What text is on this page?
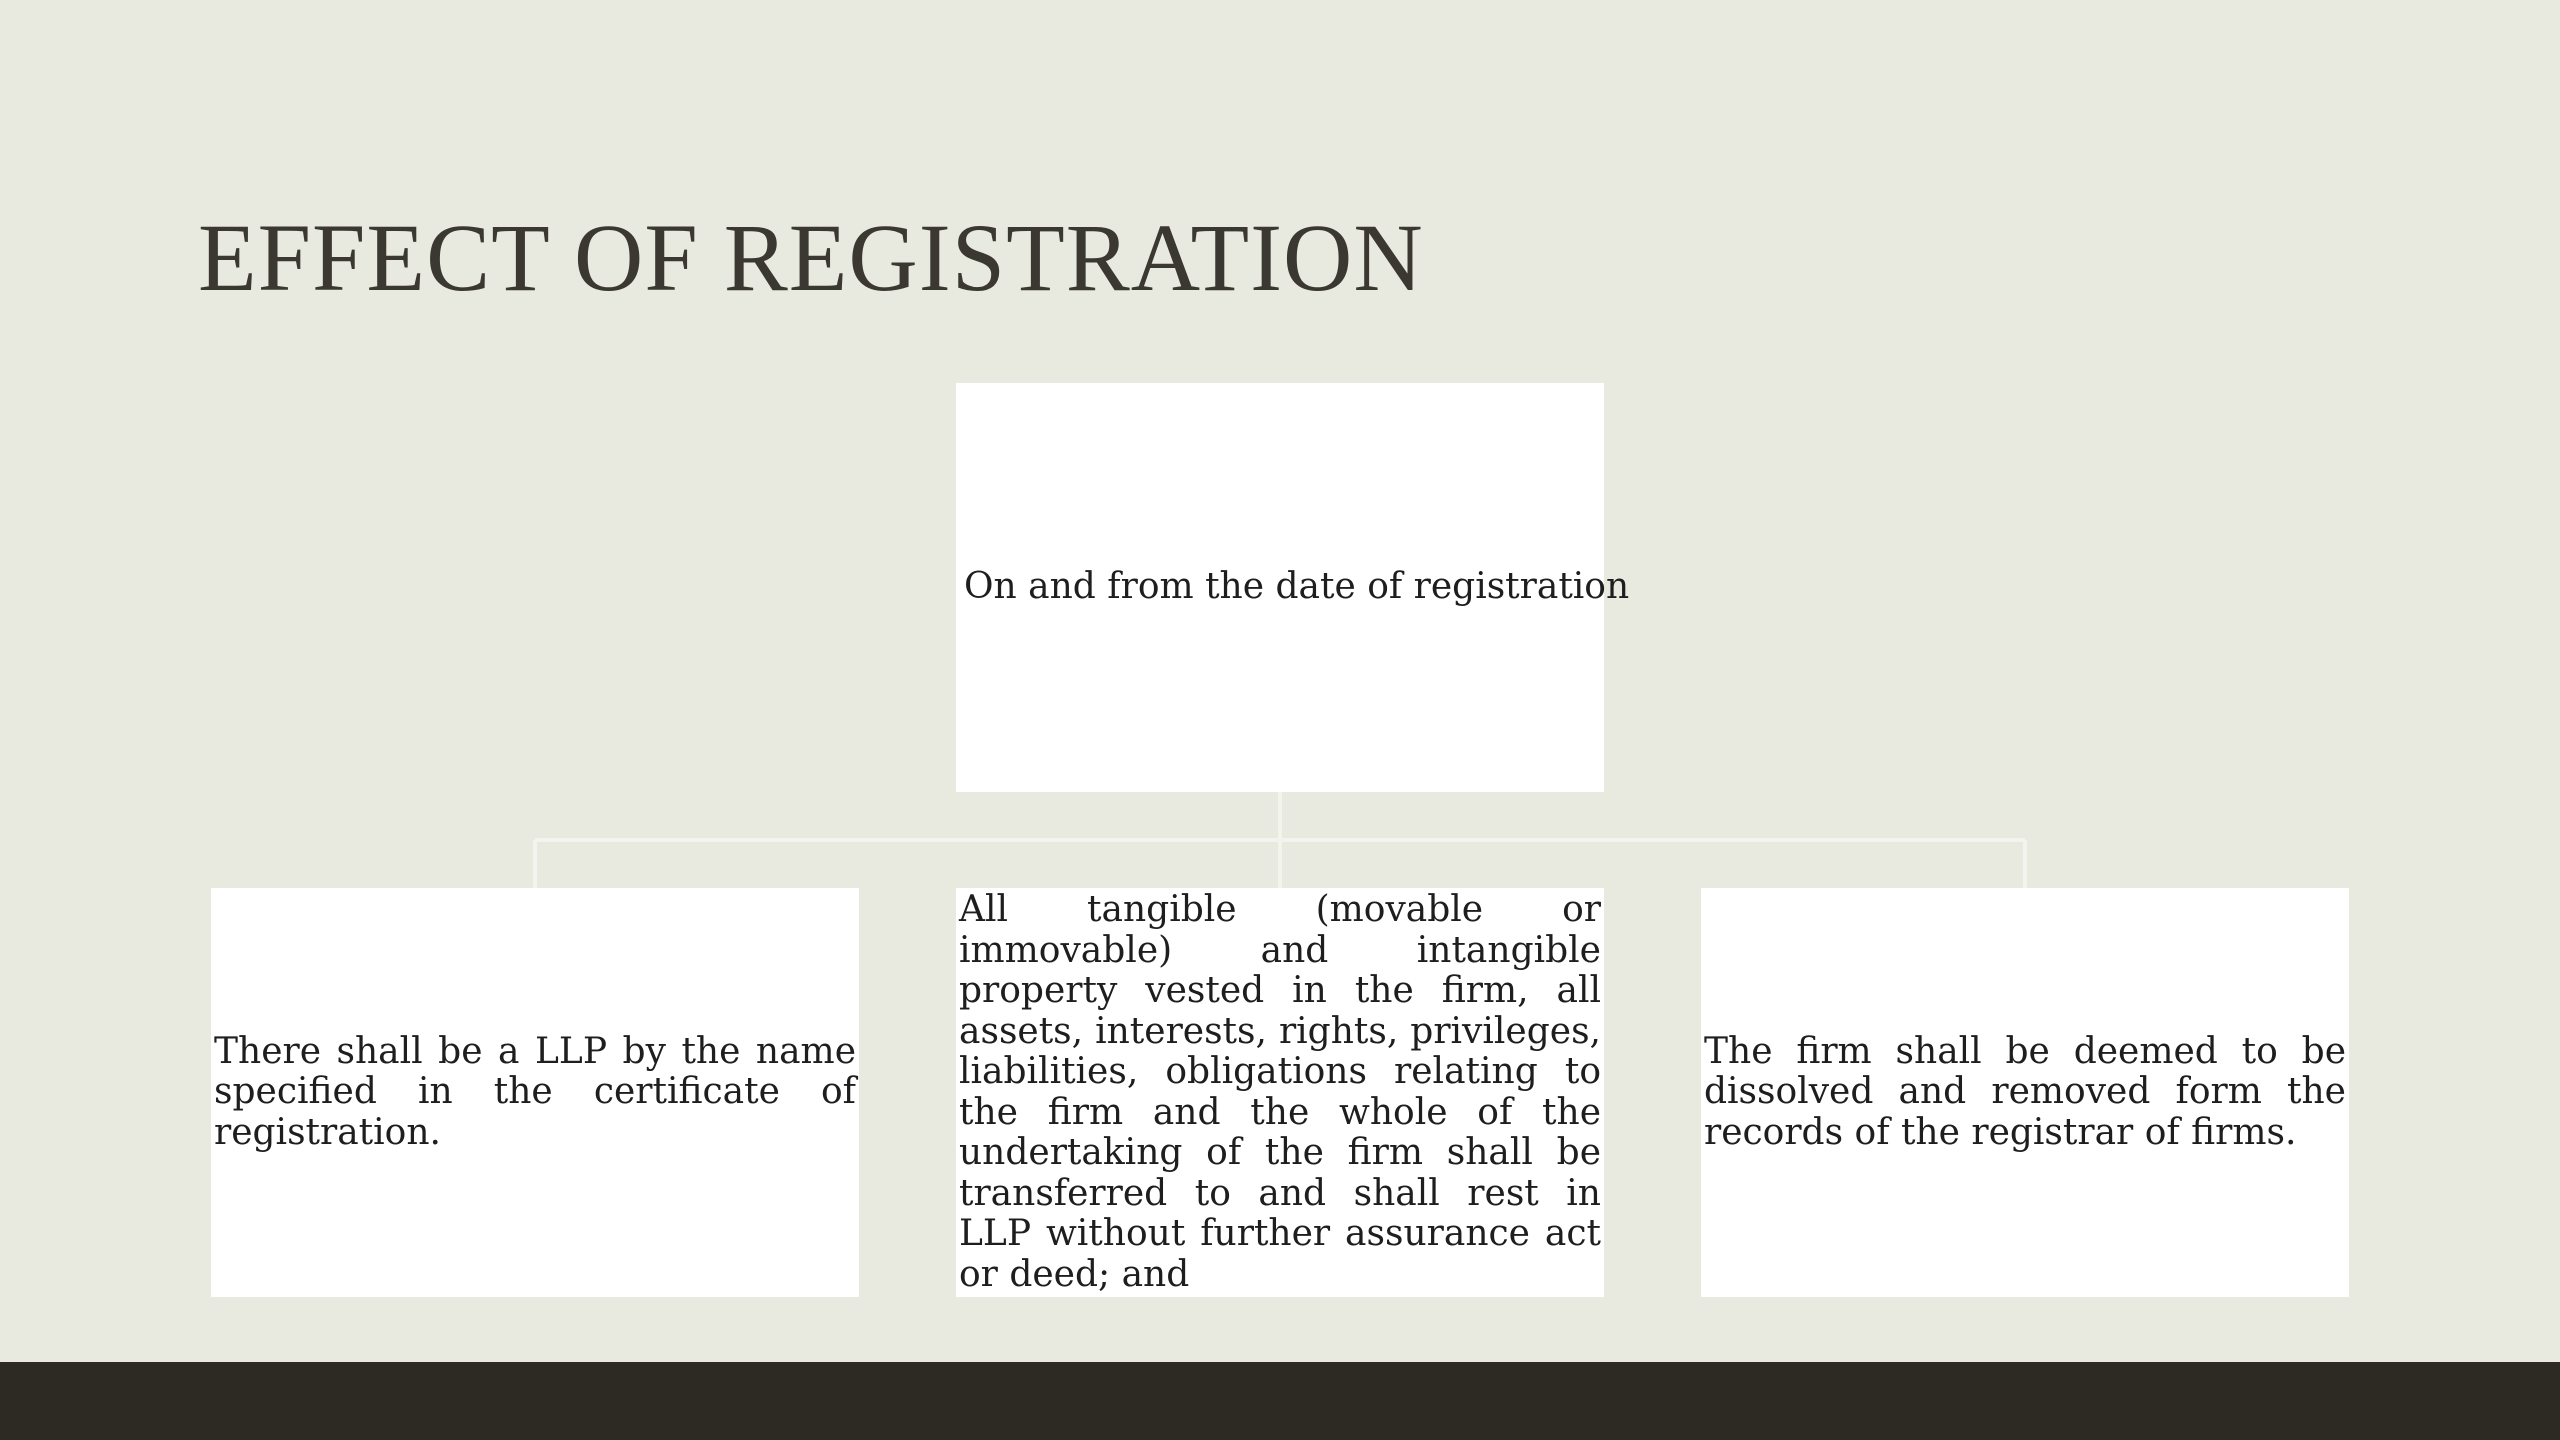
EFFECT OF REGISTRATION
On and from the date of registration
There shall be a LLP by the name specified in the certificate of registration.
All tangible (movable or immovable) and intangible property vested in the firm, all assets, interests, rights, privileges, liabilities, obligations relating to the firm and the whole of the undertaking of the firm shall be transferred to and shall rest in LLP without further assurance act or deed; and
The firm shall be deemed to be dissolved and removed form the records of the registrar of firms.
